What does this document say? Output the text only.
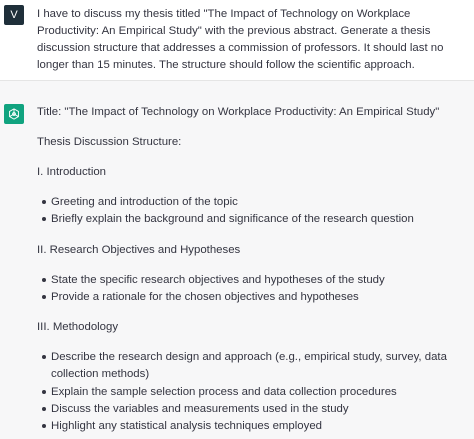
V	I have to discuss my thesis titled "The Impact of Technology on Workplace Productivity: An Empirical Study" with the previous abstract. Generate a thesis discussion structure that addresses a commission of professors. It should last no longer than 15 minutes. The structure should follow the scientific approach.

Title: "The Impact of Technology on Workplace Productivity: An Empirical Study"

Thesis Discussion Structure:

I. Introduction

Greeting and introduction of the topic
Briefly explain the background and significance of the research question

II. Research Objectives and Hypotheses

State the specific research objectives and hypotheses of the study
Provide a rationale for the chosen objectives and hypotheses

III. Methodology

Describe the research design and approach (e.g., empirical study, survey, data collection methods)
Explain the sample selection process and data collection procedures
Discuss the variables and measurements used in the study
Highlight any statistical analysis techniques employed
